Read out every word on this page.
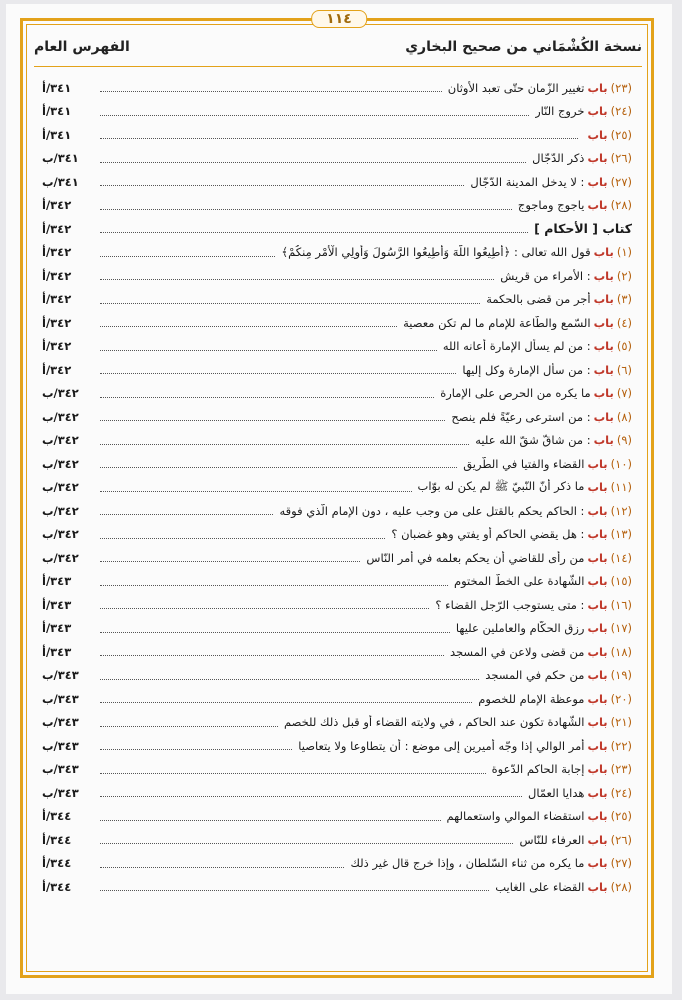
نسخة الكُشْمَاني من صحيح البخاري
الفهرس العام
١١٤
(٢٣)
باب
تغيير الزّمان حتّى تعبد الأوثان
٣٤١/أ
(٢٤)
باب
خروج النّار
٣٤١/أ
(٢٥)
باب
٣٤١/أ
(٢٦)
باب
ذكر الدّجّال
٣٤١/ب
(٢٧)
باب
: لا يدخل المدينة الدّجّال
٣٤١/ب
(٢٨)
باب
ياجوج وماجوج
٣٤٢/أ
كتاب [ الأحكام ]
٣٤٢/أ
(١)
باب
قول الله تعالى : ﴿أَطِيعُوا اللَّهَ وَأَطِيعُوا الرَّسُولَ وَأُولِي الْأَمْرِ مِنكُمْ﴾
٣٤٢/أ
(٢)
باب
: الأمراء من قريش
٣٤٢/أ
(٣)
باب
أجر من قضى بالحكمة
٣٤٢/أ
(٤)
باب
السّمع والطّاعة للإمام ما لم تكن معصية
٣٤٢/أ
(٥)
باب
: من لم يسأل الإمارة أعانه الله
٣٤٢/أ
(٦)
باب
: من سأل الإمارة وكل إليها
٣٤٢/أ
(٧)
باب
ما يكره من الحرص على الإمارة
٣٤٢/ب
(٨)
باب
: من استرعى رعيّةً فلم ينصح
٣٤٢/ب
(٩)
باب
: من شاقّ شقّ الله عليه
٣٤٢/ب
(١٠)
باب
القضاء والفتيا في الطّريق
٣٤٢/ب
(١١)
باب
ما ذكر أنّ النّبيّ ﷺ لم يكن له بوّاب
٣٤٢/ب
(١٢)
باب
: الحاكم يحكم بالقتل على من وجب عليه ، دون الإمام الّذي فوقه
٣٤٢/ب
(١٣)
باب
: هل يقضي الحاكم أو يفتي وهو غضبان ؟
٣٤٢/ب
(١٤)
باب
من رأى للقاضي أن يحكم بعلمه في أمر النّاس
٣٤٢/ب
(١٥)
باب
الشّهادة على الخطّ المختوم
٣٤٣/أ
(١٦)
باب
: متى يستوجب الرّجل القضاء ؟
٣٤٣/أ
(١٧)
باب
رزق الحكّام والعاملين عليها
٣٤٣/أ
(١٨)
باب
من قضى ولاعن في المسجد
٣٤٣/أ
(١٩)
باب
من حكم في المسجد
٣٤٣/ب
(٢٠)
باب
موعظة الإمام للخصوم
٣٤٣/ب
(٢١)
باب
الشّهادة تكون عند الحاكم ، في ولايته القضاء أو قبل ذلك للخصم
٣٤٣/ب
(٢٢)
باب
أمر الوالي إذا وجّه أميرين إلى موضع : أن يتطاوعا ولا يتعاصيا
٣٤٣/ب
(٢٣)
باب
إجابة الحاكم الدّعوة
٣٤٣/ب
(٢٤)
باب
هدايا العمّال
٣٤٣/ب
(٢٥)
باب
استقضاء الموالي واستعمالهم
٣٤٤/أ
(٢٦)
باب
العرفاء للنّاس
٣٤٤/أ
(٢٧)
باب
ما يكره من ثناء السّلطان ، وإذا خرج قال غير ذلك
٣٤٤/أ
(٢٨)
باب
القضاء على الغايب
٣٤٤/أ
